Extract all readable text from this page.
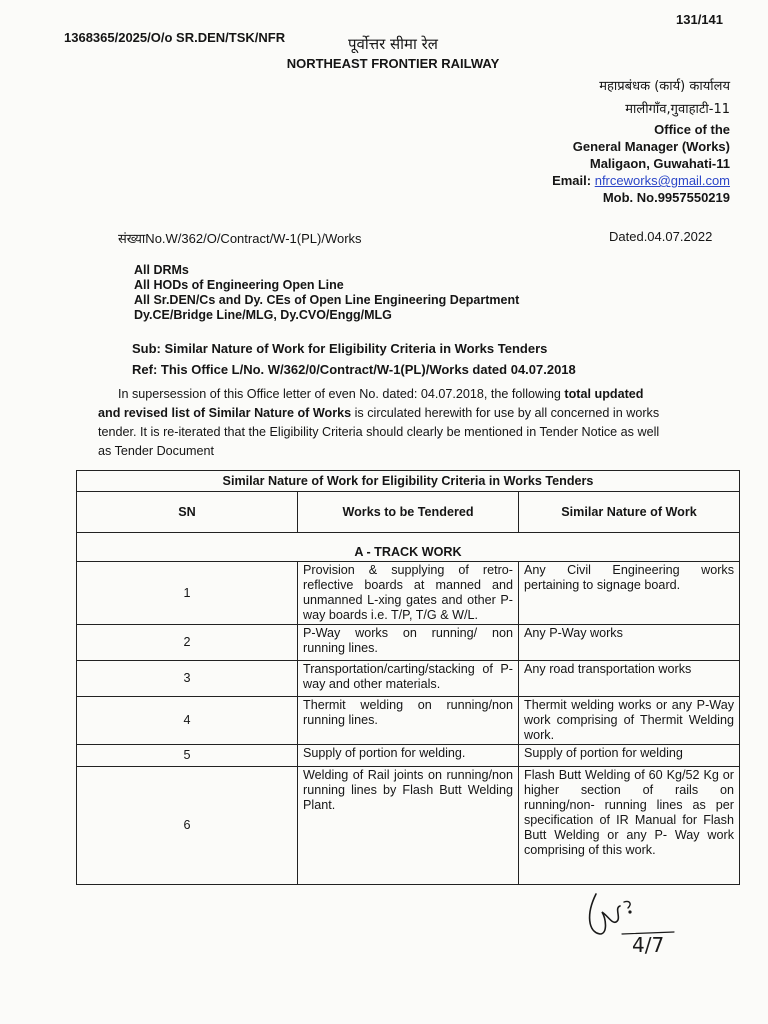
131/141
1368365/2025/O/o SR.DEN/TSK/NFR	पूर्वोत्तर सीमा रेल
NORTHEAST FRONTIER RAILWAY
महाप्रबंधक (कार्य) कार्यालय
मालीगाँव,गुवाहाटी-11
Office of the
General Manager (Works)
Maligaon, Guwahati-11
Email: nfrceworks@gmail.com
Mob. No.9957550219
संख्याNo.W/362/O/Contract/W-1(PL)/Works	Dated.04.07.2022
All DRMs
All HODs of Engineering Open Line
All Sr.DEN/Cs and Dy. CEs of Open Line Engineering Department
Dy.CE/Bridge Line/MLG, Dy.CVO/Engg/MLG
Sub: Similar Nature of Work for Eligibility Criteria in Works Tenders
Ref: This Office L/No. W/362/0/Contract/W-1(PL)/Works dated 04.07.2018
In supersession of this Office letter of even No. dated: 04.07.2018, the following total updated
and revised list of Similar Nature of Works is circulated herewith for use by all concerned in works
tender. It is re-iterated that the Eligibility Criteria should clearly be mentioned in Tender Notice as well
as Tender Document
Similar Nature of Work for Eligibility Criteria in Works Tenders		
SN	Works to be Tendered	Similar Nature of Work
A - TRACK WORK		
1	Provision & supplying of retro-reflective boards at manned and unmanned L-xing gates and other P- way boards i.e. T/P, T/G & W/L.	Any Civil Engineering works pertaining to signage board.
2	P-Way works on running/ non running lines.	Any P-Way works
3	Transportation/carting/stacking of P-way and other materials.	Any road transportation works
4	Thermit welding on running/non running lines.	Thermit welding works or any P-Way work comprising of Thermit Welding work.
5	Supply of portion for welding.	Supply of portion for welding
6	Welding of Rail joints on running/non running lines by Flash Butt Welding Plant.	Flash Butt Welding of 60 Kg/52 Kg or higher section of rails on running/non- running lines as per specification of IR Manual for Flash Butt Welding or any P- Way work comprising of this work.
4/7
